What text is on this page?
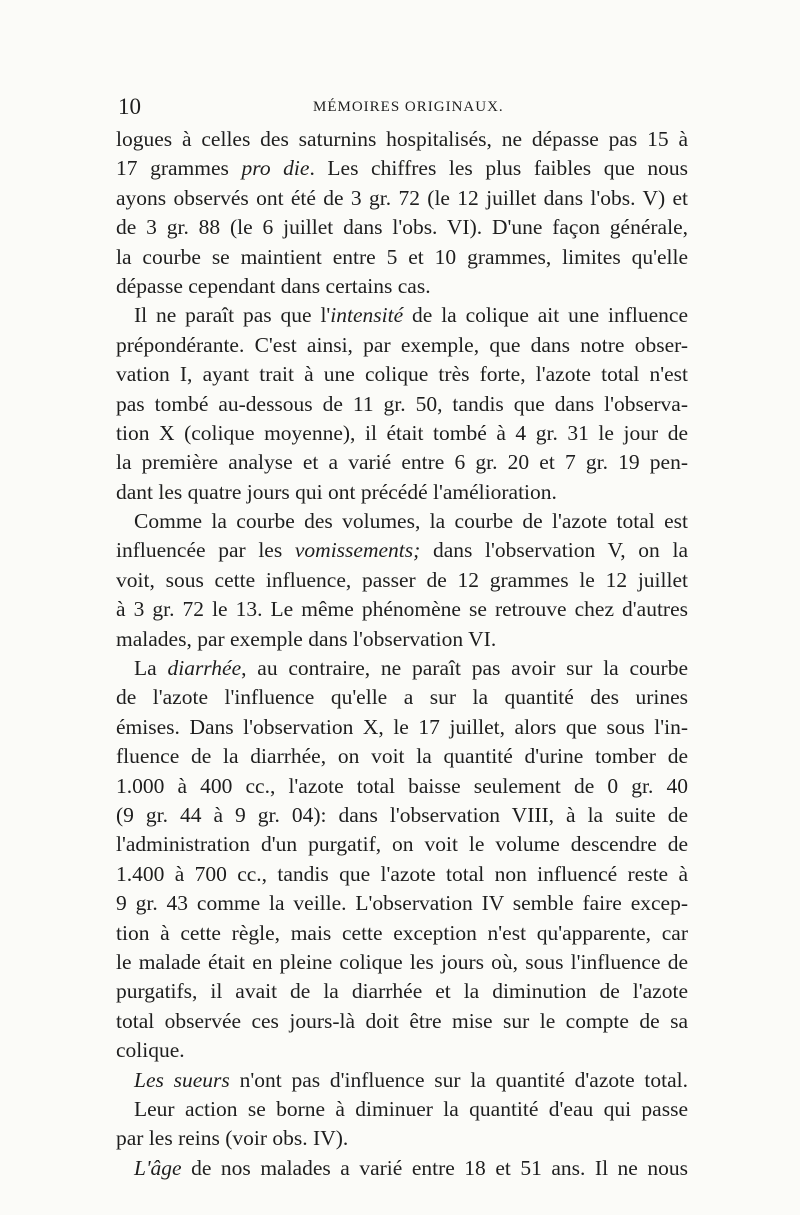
10	MÉMOIRES ORIGINAUX.
logues à celles des saturnins hospitalisés, ne dépasse pas 15 à
17 grammes pro die. Les chiffres les plus faibles que nous
ayons observés ont été de 3 gr. 72 (le 12 juillet dans l'obs. V) et
de 3 gr. 88 (le 6 juillet dans l'obs. VI). D'une façon générale,
la courbe se maintient entre 5 et 10 grammes, limites qu'elle
dépasse cependant dans certains cas.
Il ne paraît pas que l'intensité de la colique ait une influence
prépondérante. C'est ainsi, par exemple, que dans notre obser-
vation I, ayant trait à une colique très forte, l'azote total n'est
pas tombé au-dessous de 11 gr. 50, tandis que dans l'observa-
tion X (colique moyenne), il était tombé à 4 gr. 31 le jour de
la première analyse et a varié entre 6 gr. 20 et 7 gr. 19 pen-
dant les quatre jours qui ont précédé l'amélioration.
Comme la courbe des volumes, la courbe de l'azote total est
influencée par les vomissements; dans l'observation V, on la
voit, sous cette influence, passer de 12 grammes le 12 juillet
à 3 gr. 72 le 13. Le même phénomène se retrouve chez d'autres
malades, par exemple dans l'observation VI.
La diarrhée, au contraire, ne paraît pas avoir sur la courbe
de l'azote l'influence qu'elle a sur la quantité des urines
émises. Dans l'observation X, le 17 juillet, alors que sous l'in-
fluence de la diarrhée, on voit la quantité d'urine tomber de
1.000 à 400 cc., l'azote total baisse seulement de 0 gr. 40
(9 gr. 44 à 9 gr. 04): dans l'observation VIII, à la suite de
l'administration d'un purgatif, on voit le volume descendre de
1.400 à 700 cc., tandis que l'azote total non influencé reste à
9 gr. 43 comme la veille. L'observation IV semble faire excep-
tion à cette règle, mais cette exception n'est qu'apparente, car
le malade était en pleine colique les jours où, sous l'influence de
purgatifs, il avait de la diarrhée et la diminution de l'azote
total observée ces jours-là doit être mise sur le compte de sa
colique.
Les sueurs n'ont pas d'influence sur la quantité d'azote total.
Leur action se borne à diminuer la quantité d'eau qui passe
par les reins (voir obs. IV).
L'âge de nos malades a varié entre 18 et 51 ans. Il ne nous
